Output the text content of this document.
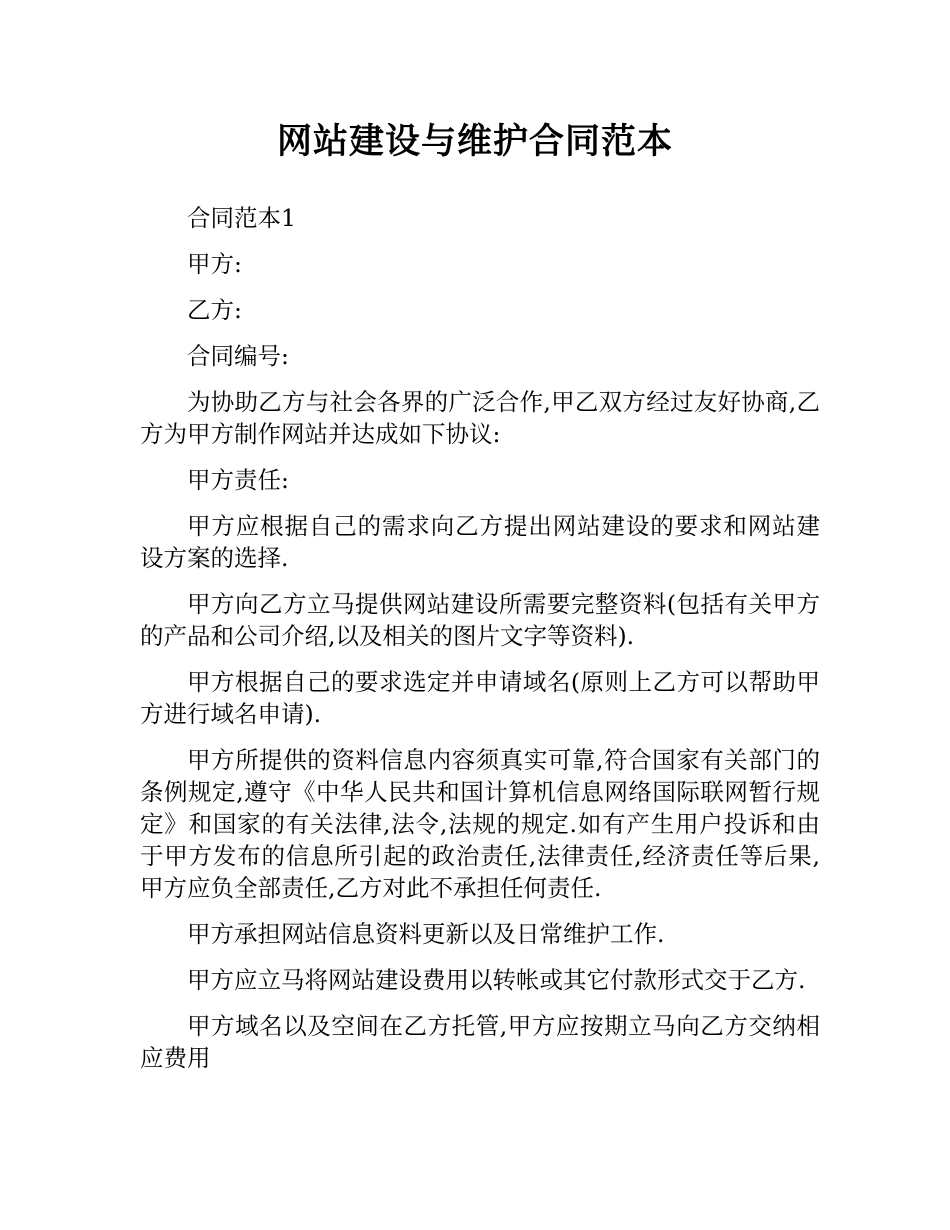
网站建设与维护合同范本

合同范本1

甲方:

乙方:

合同编号:

为协助乙方与社会各界的广泛合作,甲乙双方经过友好协商,乙方为甲方制作网站并达成如下协议:

甲方责任:

甲方应根据自己的需求向乙方提出网站建设的要求和网站建设方案的选择.

甲方向乙方立马提供网站建设所需要完整资料(包括有关甲方的产品和公司介绍,以及相关的图片文字等资料).

甲方根据自己的要求选定并申请域名(原则上乙方可以帮助甲方进行域名申请).

甲方所提供的资料信息内容须真实可靠,符合国家有关部门的条例规定,遵守《中华人民共和国计算机信息网络国际联网暂行规定》和国家的有关法律,法令,法规的规定.如有产生用户投诉和由于甲方发布的信息所引起的政治责任,法律责任,经济责任等后果,甲方应负全部责任,乙方对此不承担任何责任.

甲方承担网站信息资料更新以及日常维护工作.

甲方应立马将网站建设费用以转帐或其它付款形式交于乙方.

甲方域名以及空间在乙方托管,甲方应按期立马向乙方交纳相应费用
